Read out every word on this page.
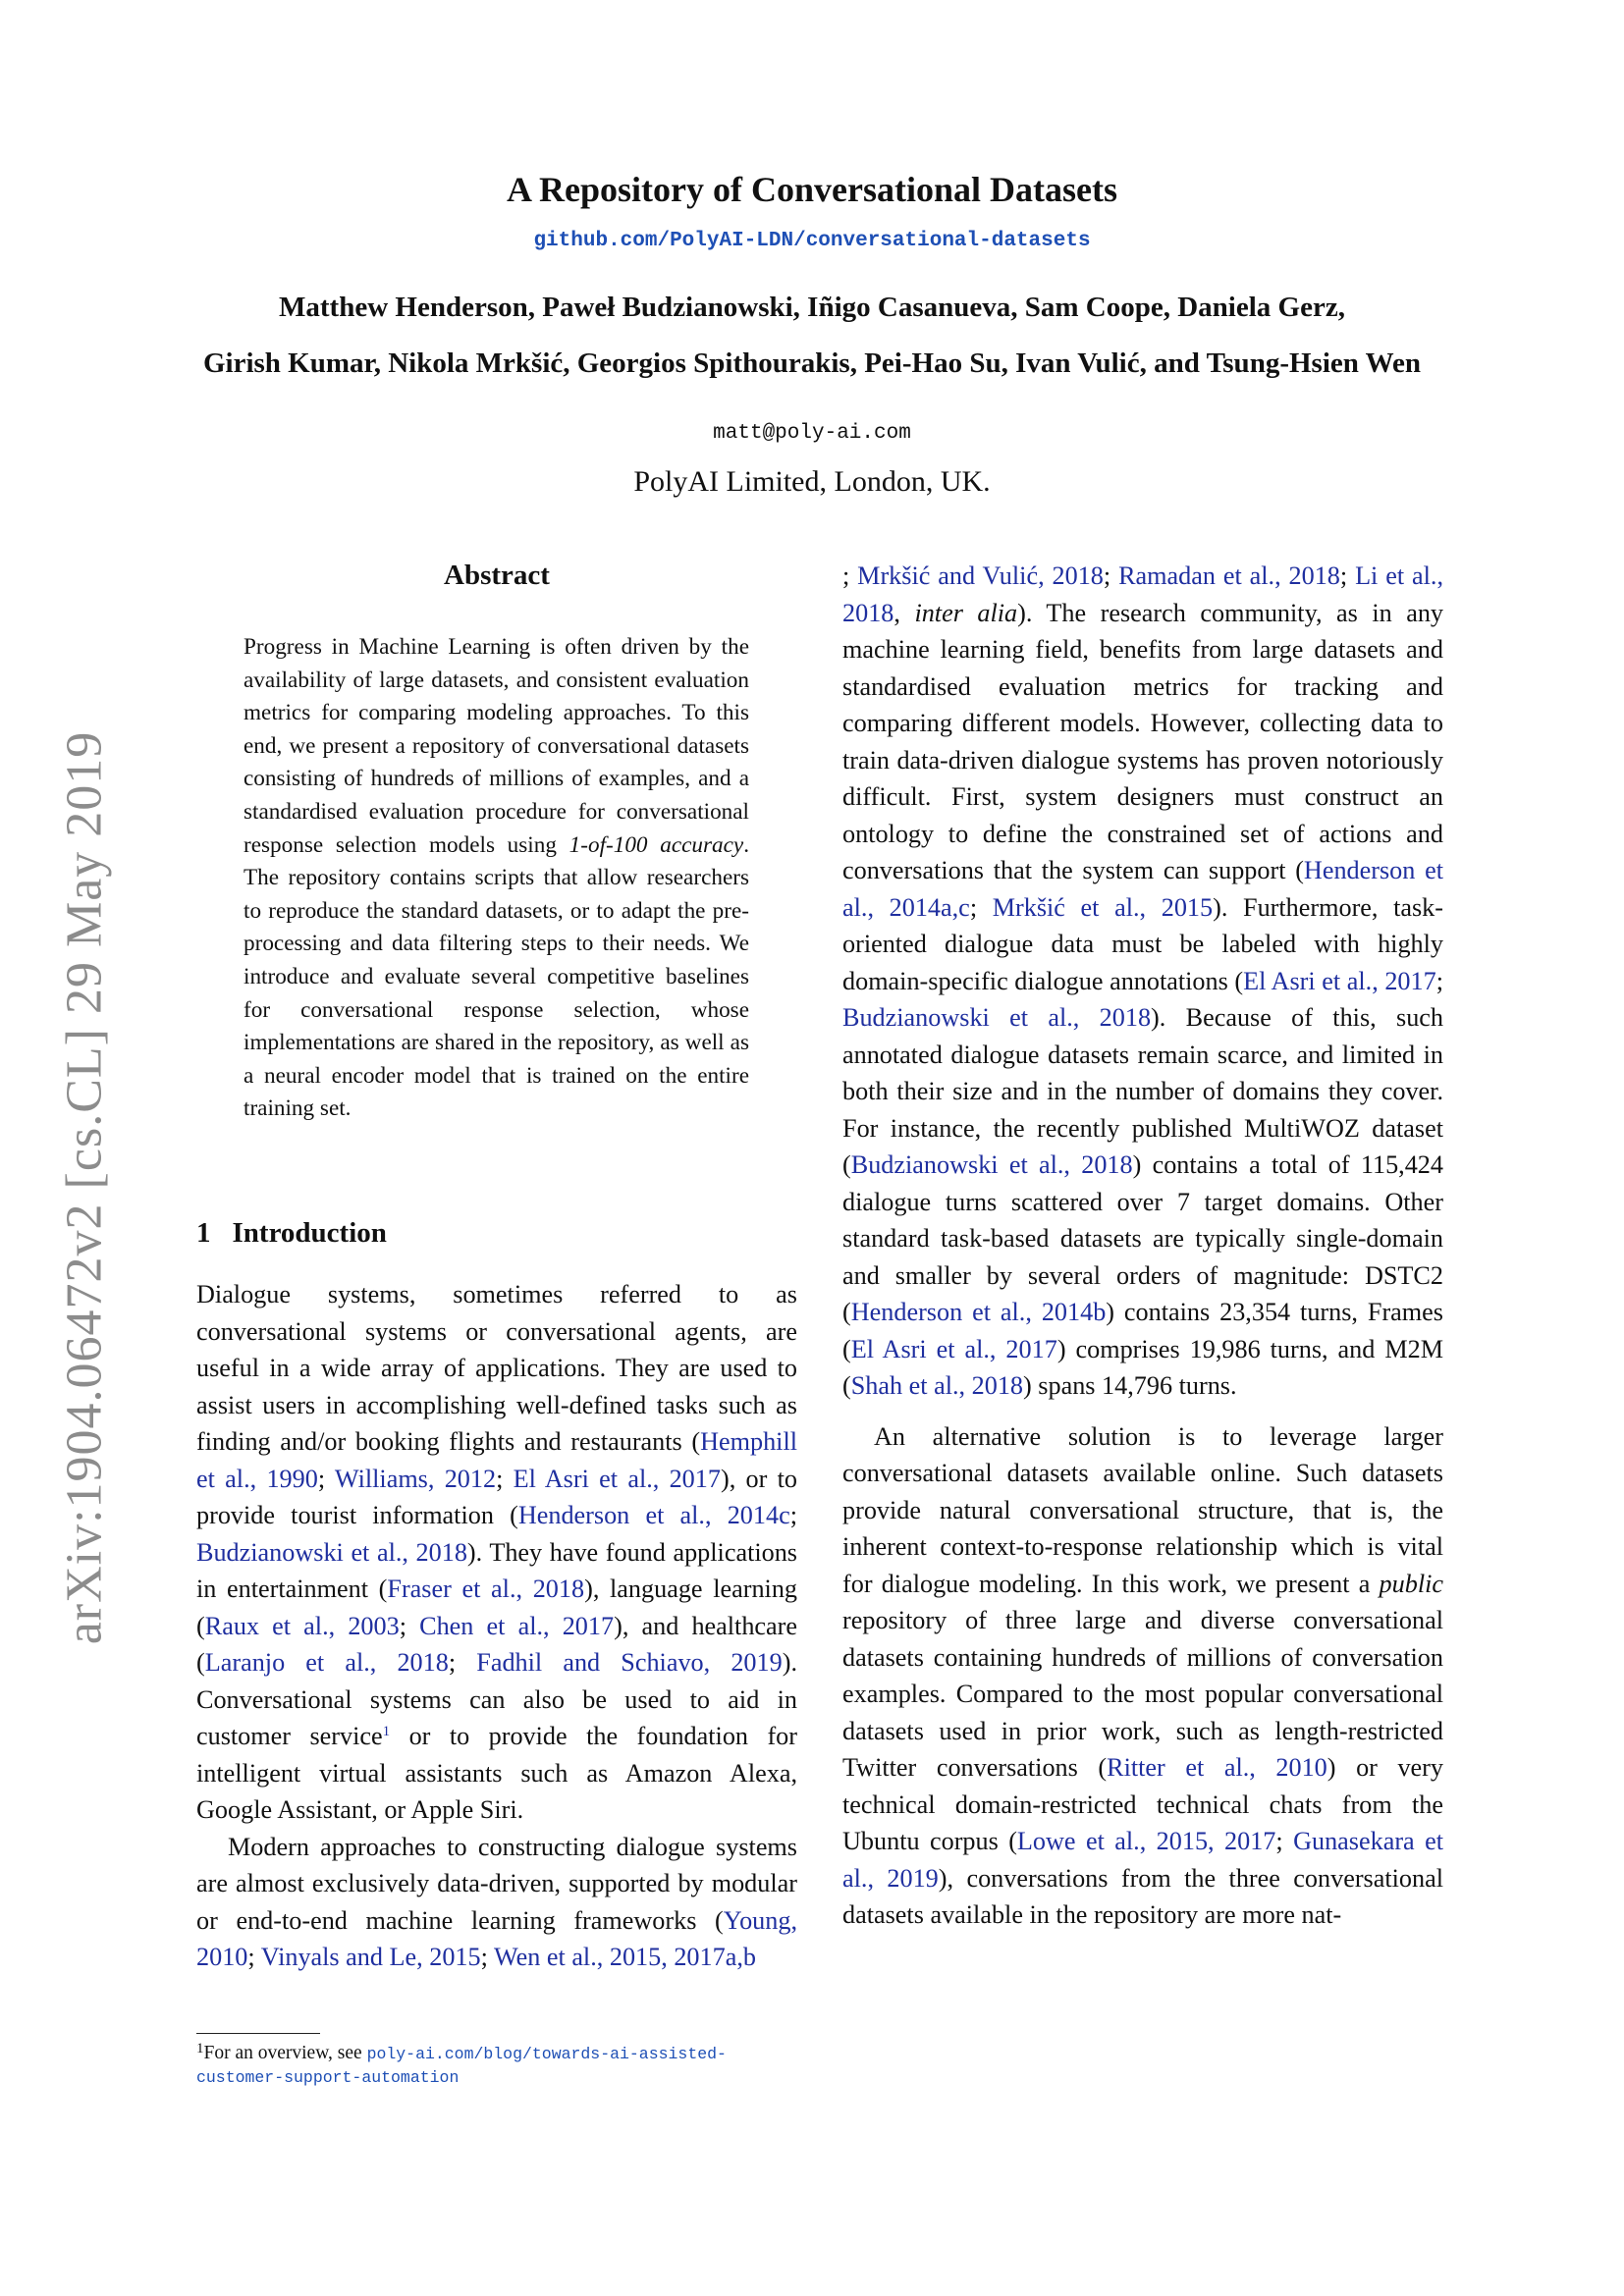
A Repository of Conversational Datasets
github.com/PolyAI-LDN/conversational-datasets
Matthew Henderson, Paweł Budzianowski, Iñigo Casanueva, Sam Coope, Daniela Gerz,
Girish Kumar, Nikola Mrkšić, Georgios Spithourakis, Pei-Hao Su, Ivan Vulić, and Tsung-Hsien Wen
matt@poly-ai.com
PolyAI Limited, London, UK.
arXiv:1904.06472v2 [cs.CL] 29 May 2019
Abstract
Progress in Machine Learning is often driven by the availability of large datasets, and consistent evaluation metrics for comparing modeling approaches. To this end, we present a repository of conversational datasets consisting of hundreds of millions of examples, and a standardised evaluation procedure for conversational response selection models using 1-of-100 accuracy. The repository contains scripts that allow researchers to reproduce the standard datasets, or to adapt the pre-processing and data filtering steps to their needs. We introduce and evaluate several competitive baselines for conversational response selection, whose implementations are shared in the repository, as well as a neural encoder model that is trained on the entire training set.
1 Introduction

Dialogue systems, sometimes referred to as conversational systems or conversational agents, are useful in a wide array of applications. They are used to assist users in accomplishing well-defined tasks such as finding and/or booking flights and restaurants (Hemphill et al., 1990; Williams, 2012; El Asri et al., 2017), or to provide tourist information (Henderson et al., 2014c; Budzianowski et al., 2018). They have found applications in entertainment (Fraser et al., 2018), language learning (Raux et al., 2003; Chen et al., 2017), and healthcare (Laranjo et al., 2018; Fadhil and Schiavo, 2019). Conversational systems can also be used to aid in customer service$^1$ or to provide the foundation for intelligent virtual assistants such as Amazon Alexa, Google Assistant, or Apple Siri.

Modern approaches to constructing dialogue systems are almost exclusively data-driven, supported by modular or end-to-end machine learning frameworks (Young, 2010; Vinyals and Le, 2015; Wen et al., 2015, 2017a,b

; Mrkšić and Vulić, 2018; Ramadan et al., 2018; Li et al., 2018, inter alia). The research community, as in any machine learning field, benefits from large datasets and standardised evaluation metrics for tracking and comparing different models. However, collecting data to train data-driven dialogue systems has proven notoriously difficult. First, system designers must construct an ontology to define the constrained set of actions and conversations that the system can support (Henderson et al., 2014a,c; Mrkšić et al., 2015). Furthermore, task-oriented dialogue data must be labeled with highly domain-specific dialogue annotations (El Asri et al., 2017; Budzianowski et al., 2018). Because of this, such annotated dialogue datasets remain scarce, and limited in both their size and in the number of domains they cover. For instance, the recently published MultiWOZ dataset (Budzianowski et al., 2018) contains a total of 115,424 dialogue turns scattered over 7 target domains. Other standard task-based datasets are typically single-domain and smaller by several orders of magnitude: DSTC2 (Henderson et al., 2014b) contains 23,354 turns, Frames (El Asri et al., 2017) comprises 19,986 turns, and M2M (Shah et al., 2018) spans 14,796 turns.

An alternative solution is to leverage larger conversational datasets available online. Such datasets provide natural conversational structure, that is, the inherent context-to-response relationship which is vital for dialogue modeling. In this work, we present a public repository of three large and diverse conversational datasets containing hundreds of millions of conversation examples. Compared to the most popular conversational datasets used in prior work, such as length-restricted Twitter conversations (Ritter et al., 2010) or very technical domain-restricted technical chats from the Ubuntu corpus (Lowe et al., 2015, 2017; Gunasekara et al., 2019), conversations from the three conversational datasets available in the repository are more nat-

$^1$For an overview, see poly-ai.com/blog/towards-ai-assisted-customer-support-automation
